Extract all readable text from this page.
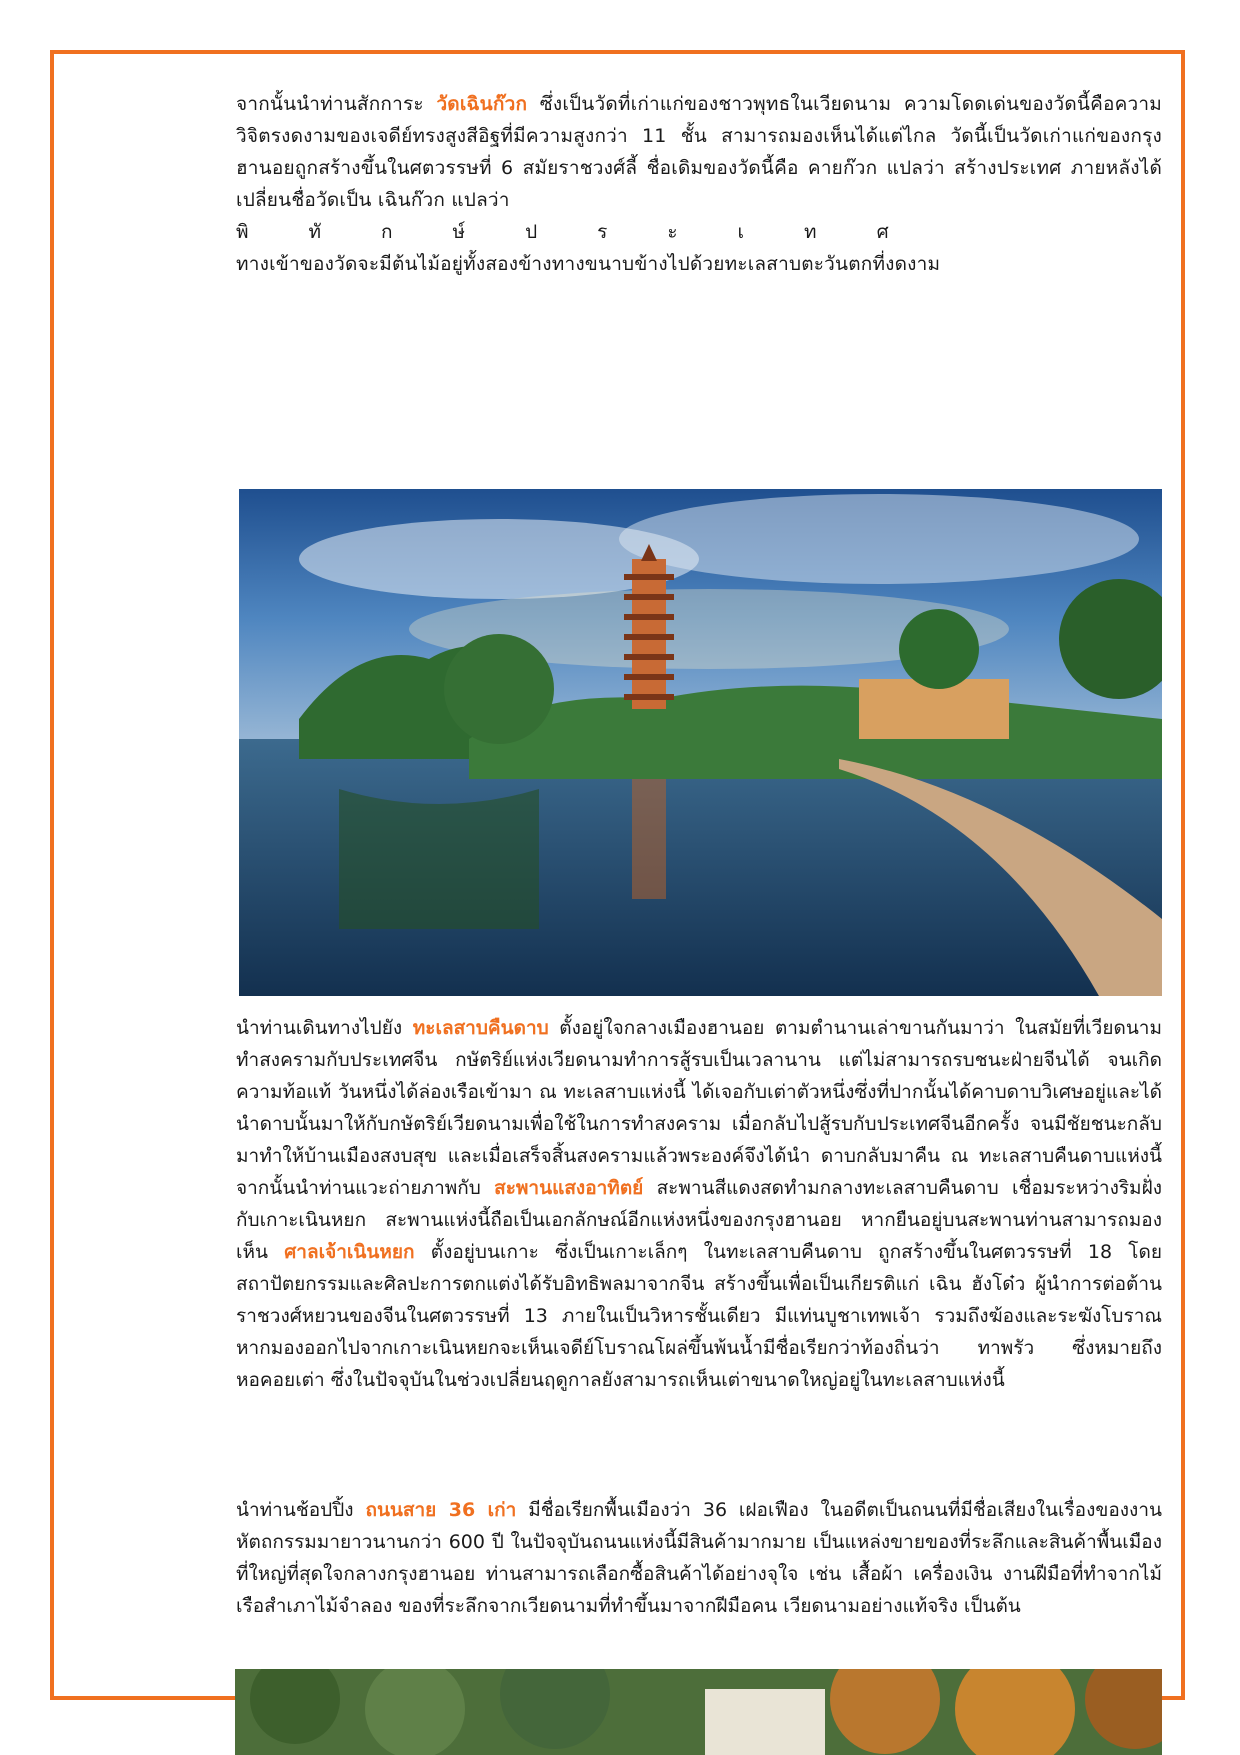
จากนั้นนำท่านสักการะ วัดเฉินก๊วก ซึ่งเป็นวัดที่เก่าแก่ของชาวพุทธในเวียดนาม ความโดดเด่นของวัดนี้คือความวิจิตรงดงามของเจดีย์ทรงสูงสีอิฐที่มีความสูงกว่า 11 ชั้น สามารถมองเห็นได้แต่ไกล วัดนี้เป็นวัดเก่าแก่ของกรุงฮานอยถูกสร้างขึ้นในศตวรรษที่ 6 สมัยราชวงศ์ลี้ ชื่อเดิมของวัดนี้คือ คายก๊วก แปลว่า สร้างประเทศ ภายหลังได้เปลี่ยนชื่อวัดเป็น เฉินก๊วก แปลว่า

พิทักษ์ประเทศ

ทางเข้าของวัดจะมีต้นไม้อยู่ทั้งสองข้างทางขนาบข้างไปด้วยทะเลสาบตะวันตกที่งดงาม

นำท่านเดินทางไปยัง ทะเลสาบคืนดาบ ตั้งอยู่ใจกลางเมืองฮานอย ตามตำนานเล่าขานกันมาว่า ในสมัยที่เวียดนามทำสงครามกับประเทศจีน กษัตริย์แห่งเวียดนามทำการสู้รบเป็นเวลานาน แต่ไม่สามารถรบชนะฝ่ายจีนได้ จนเกิดความท้อแท้ วันหนึ่งได้ล่องเรือเข้ามา ณ ทะเลสาบแห่งนี้ ได้เจอกับเต่าตัวหนึ่งซึ่งที่ปากนั้นได้คาบดาบวิเศษอยู่และได้นำดาบนั้นมาให้กับกษัตริย์เวียดนามเพื่อใช้ในการทำสงคราม เมื่อกลับไปสู้รบกับประเทศจีนอีกครั้ง จนมีชัยชนะกลับมาทำให้บ้านเมืองสงบสุข และเมื่อเสร็จสิ้นสงครามแล้วพระองค์จึงได้นำ ดาบกลับมาคืน ณ ทะเลสาบคืนดาบแห่งนี้ จากนั้นนำท่านแวะถ่ายภาพกับ สะพานแสงอาทิตย์ สะพานสีแดงสดทำมกลางทะเลสาบคืนดาบ เชื่อมระหว่างริมฝั่งกับเกาะเนินหยก สะพานแห่งนี้ถือเป็นเอกลักษณ์อีกแห่งหนึ่งของกรุงฮานอย หากยืนอยู่บนสะพานท่านสามารถมองเห็น ศาลเจ้าเนินหยก ตั้งอยู่บนเกาะ ซึ่งเป็นเกาะเล็กๆ ในทะเลสาบคืนดาบ ถูกสร้างขึ้นในศตวรรษที่ 18 โดยสถาปัตยกรรมและศิลปะการตกแต่งได้รับอิทธิพลมาจากจีน สร้างขึ้นเพื่อเป็นเกียรติแก่ เฉิน ฮังโด๋ว ผู้นำการต่อต้านราชวงศ์หยวนของจีนในศตวรรษที่ 13 ภายในเป็นวิหารชั้นเดียว มีแท่นบูชาเทพเจ้า รวมถึงฆ้องและระฆังโบราณ หากมองออกไปจากเกาะเนินหยกจะเห็นเจดีย์โบราณโผล่ขึ้นพ้นน้ำมีชื่อเรียกว่าท้องถิ่นว่า ทาพรัว ซึ่งหมายถึง หอคอยเต่า ซึ่งในปัจจุบันในช่วงเปลี่ยนฤดูกาลยังสามารถเห็นเต่าขนาดใหญ่อยู่ในทะเลสาบแห่งนี้

นำท่านช้อปปิ้ง ถนนสาย 36 เก่า มีชื่อเรียกพื้นเมืองว่า 36 เฝอเฟือง ในอดีตเป็นถนนที่มีชื่อเสียงในเรื่องของงานหัตถกรรมมายาวนานกว่า 600 ปี ในปัจจุบันถนนแห่งนี้มีสินค้ามากมาย เป็นแหล่งขายของที่ระลึกและสินค้าพื้นเมืองที่ใหญ่ที่สุดใจกลางกรุงฮานอย ท่านสามารถเลือกซื้อสินค้าได้อย่างจุใจ เช่น เสื้อผ้า เครื่องเงิน งานฝีมือที่ทำจากไม้ เรือสำเภาไม้จำลอง ของที่ระลึกจากเวียดนามที่ทำขึ้นมาจากฝีมือคน เวียดนามอย่างแท้จริง เป็นต้น
